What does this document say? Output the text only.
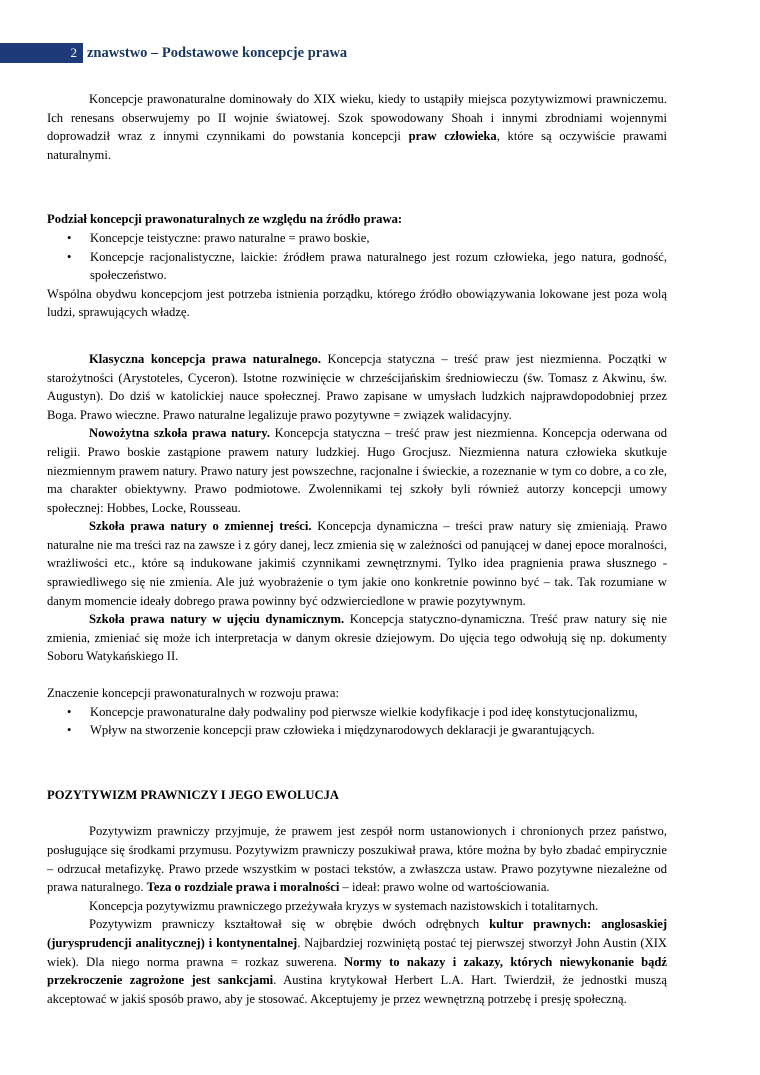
2 znawstwo – Podstawowe koncepcje prawa

Koncepcje prawonaturalne dominowały do XIX wieku, kiedy to ustąpiły miejsca pozytywizmowi prawniczemu. Ich renesans obserwujemy po II wojnie światowej. Szok spowodowany Shoah i innymi zbrodniami wojennymi doprowadził wraz z innymi czynnikami do powstania koncepcji praw człowieka, które są oczywiście prawami naturalnymi.

Podział koncepcji prawonaturalnych ze względu na źródło prawa:

• Koncepcje teistyczne: prawo naturalne = prawo boskie,
• Koncepcje racjonalistyczne, laickie: źródłem prawa naturalnego jest rozum człowieka, jego natura, godność, społeczeństwo.

Wspólna obydwu koncepcjom jest potrzeba istnienia porządku, którego źródło obowiązywania lokowane jest poza wolą ludzi, sprawujących władzę.

Klasyczna koncepcja prawa naturalnego. Koncepcja statyczna – treść praw jest niezmienna. Początki w starożytności (Arystoteles, Cyceron). Istotne rozwinięcie w chrześcijańskim średniowieczu (św. Tomasz z Akwinu, św. Augustyn). Do dziś w katolickiej nauce społecznej. Prawo zapisane w umysłach ludzkich najprawdopodobniej przez Boga. Prawo wieczne. Prawo naturalne legalizuje prawo pozytywne = związek walidacyjny.

Nowożytna szkoła prawa natury. Koncepcja statyczna – treść praw jest niezmienna. Koncepcja oderwana od religii. Prawo boskie zastąpione prawem natury ludzkiej. Hugo Grocjusz. Niezmienna natura człowieka skutkuje niezmiennym prawem natury. Prawo natury jest powszechne, racjonalne i świeckie, a rozeznanie w tym co dobre, a co złe, ma charakter obiektywny. Prawo podmiotowe. Zwolennikami tej szkoły byli również autorzy koncepcji umowy społecznej: Hobbes, Locke, Rousseau.

Szkoła prawa natury o zmiennej treści. Koncepcja dynamiczna – treści praw natury się zmieniają. Prawo naturalne nie ma treści raz na zawsze i z góry danej, lecz zmienia się w zależności od panującej w danej epoce moralności, wrażliwości etc., które są indukowane jakimiś czynnikami zewnętrznymi. Tylko idea pragnienia prawa słusznego - sprawiedliwego się nie zmienia. Ale już wyobrażenie o tym jakie ono konkretnie powinno być – tak. Tak rozumiane w danym momencie ideały dobrego prawa powinny być odzwierciedlone w prawie pozytywnym.

Szkoła prawa natury w ujęciu dynamicznym. Koncepcja statyczno-dynamiczna. Treść praw natury się nie zmienia, zmieniać się może ich interpretacja w danym okresie dziejowym. Do ujęcia tego odwołują się np. dokumenty Soboru Watykańskiego II.

Znaczenie koncepcji prawonaturalnych w rozwoju prawa:

• Koncepcje prawonaturalne dały podwaliny pod pierwsze wielkie kodyfikacje i pod ideę konstytucjonalizmu,
• Wpływ na stworzenie koncepcji praw człowieka i międzynarodowych deklaracji je gwarantujących.

POZYTYWIZM PRAWNICZY I JEGO EWOLUCJA

Pozytywizm prawniczy przyjmuje, że prawem jest zespół norm ustanowionych i chronionych przez państwo, posługujące się środkami przymusu. Pozytywizm prawniczy poszukiwał prawa, które można by było zbadać empirycznie – odrzucał metafizykę. Prawo przede wszystkim w postaci tekstów, a zwłaszcza ustaw. Prawo pozytywne niezależne od prawa naturalnego. Teza o rozdziale prawa i moralności – ideał: prawo wolne od wartościowania.

Koncepcja pozytywizmu prawniczego przeżywała kryzys w systemach nazistowskich i totalitarnych.

Pozytywizm prawniczy kształtował się w obrębie dwóch odrębnych kultur prawnych: anglosaskiej (jurysprudencji analitycznej) i kontynentalnej. Najbardziej rozwiniętą postać tej pierwszej stworzył John Austin (XIX wiek). Dla niego norma prawna = rozkaz suwerena. Normy to nakazy i zakazy, których niewykonanie bądź przekroczenie zagrożone jest sankcjami. Austina krytykował Herbert L.A. Hart. Twierdził, że jednostki muszą akceptować w jakiś sposób prawo, aby je stosować. Akceptujemy je przez wewnętrzną potrzebę i presję społeczną.
